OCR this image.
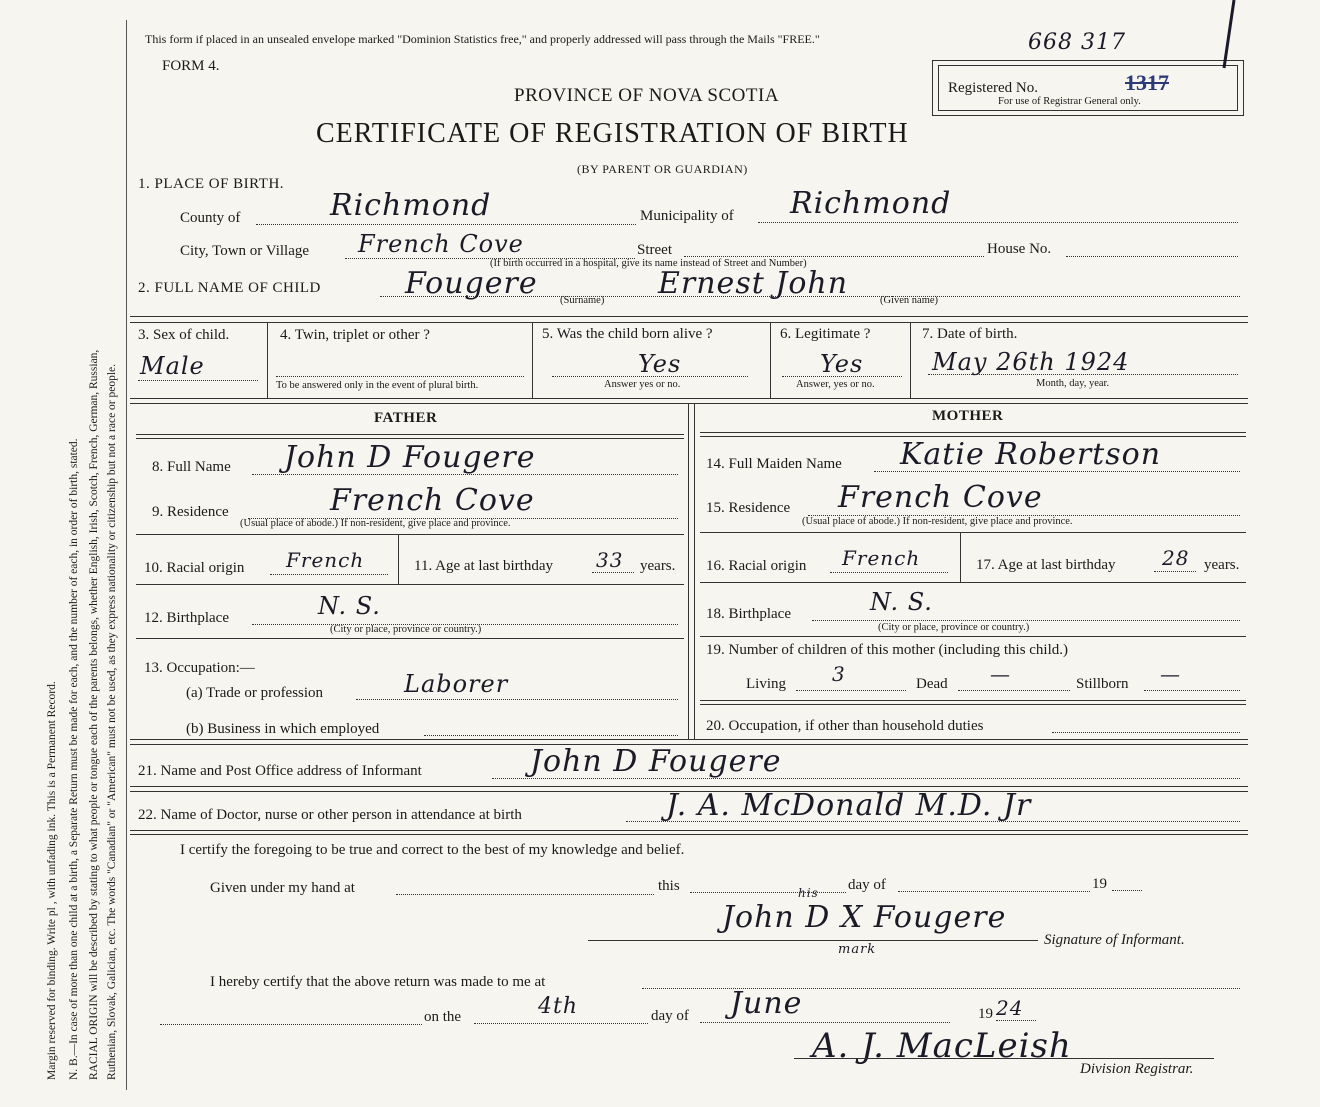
Margin reserved for binding. Write pl , with unfading ink. This is a Permanent Record. N. B.—In case of more than one child at a birth, a Separate Return must be made for each, and the number of each, in order of birth, stated. RACIAL ORIGIN will be described by stating to what people or tongue each of the parents belongs, whether English, Irish, Scotch, French, German, Russian, Ruthenian, Slovak, Galician, etc. The words "Canadian" or "American" must not be used, as they express nationality or citizenship but not a race or people.
This form if placed in an unsealed envelope marked "Dominion Statistics free," and properly addressed will pass through the Mails "FREE."	668 317
FORM 4.
PROVINCE OF NOVA SCOTIA
CERTIFICATE OF REGISTRATION OF BIRTH
(BY PARENT OR GUARDIAN)
Registered No.	1317
For use of Registrar General only.
1. PLACE OF BIRTH.
County of	Richmond	Municipality of Richmond
City, Town or Village French Cove	Street	House No.
(If birth occurred in a hospital, give its name instead of Street and Number)
2. FULL NAME OF CHILD	Fougere (Surname) Ernest John	(Given name)
3. Sex of child.
Male
4. Twin, triplet or other ?
To be answered only in the event of plural birth.
5. Was the child born alive ?
Yes
Answer yes or no.
6. Legitimate ?
Yes
Answer, yes or no.
7. Date of birth.
May 26th 1924
Month, day, year.
FATHER	MOTHER
8. Full Name John D Fougere	14. Full Maiden Name Katie Robertson
9. Residence	French Cove
(Usual place of abode.) If non-resident, give place and province.
15. Residence French Cove
(Usual place of abode.) If non-resident, give place and province.
10. Racial origin French	11. Age at last birthday 33 years. 16. Racial origin French	17. Age at last birthday 28 years.
12. Birthplace	N. S.
(City or place, province or country.)
18. Birthplace	N. S.
(City or place, province or country.)
13. Occupation:—
(a) Trade or profession	Laborer
(b) Business in which employed
19. Number of children of this mother (including this child.)
Living 3	Dead —	Stillborn —
20. Occupation, if other than household duties
21. Name and Post Office address of Informant	John D Fougere
22. Name of Doctor, nurse or other person in attendance at birth	J. A. McDonald M.D. Jr
I certify the foregoing to be true and correct to the best of my knowledge and belief.
Given under my hand at	this	day of	19
John D X Fougere
his
mark
Signature of Informant.
I hereby certify that the above return was made to me at
on the	4th	day of June	19 24
A. J. MacLeish
Division Registrar.
